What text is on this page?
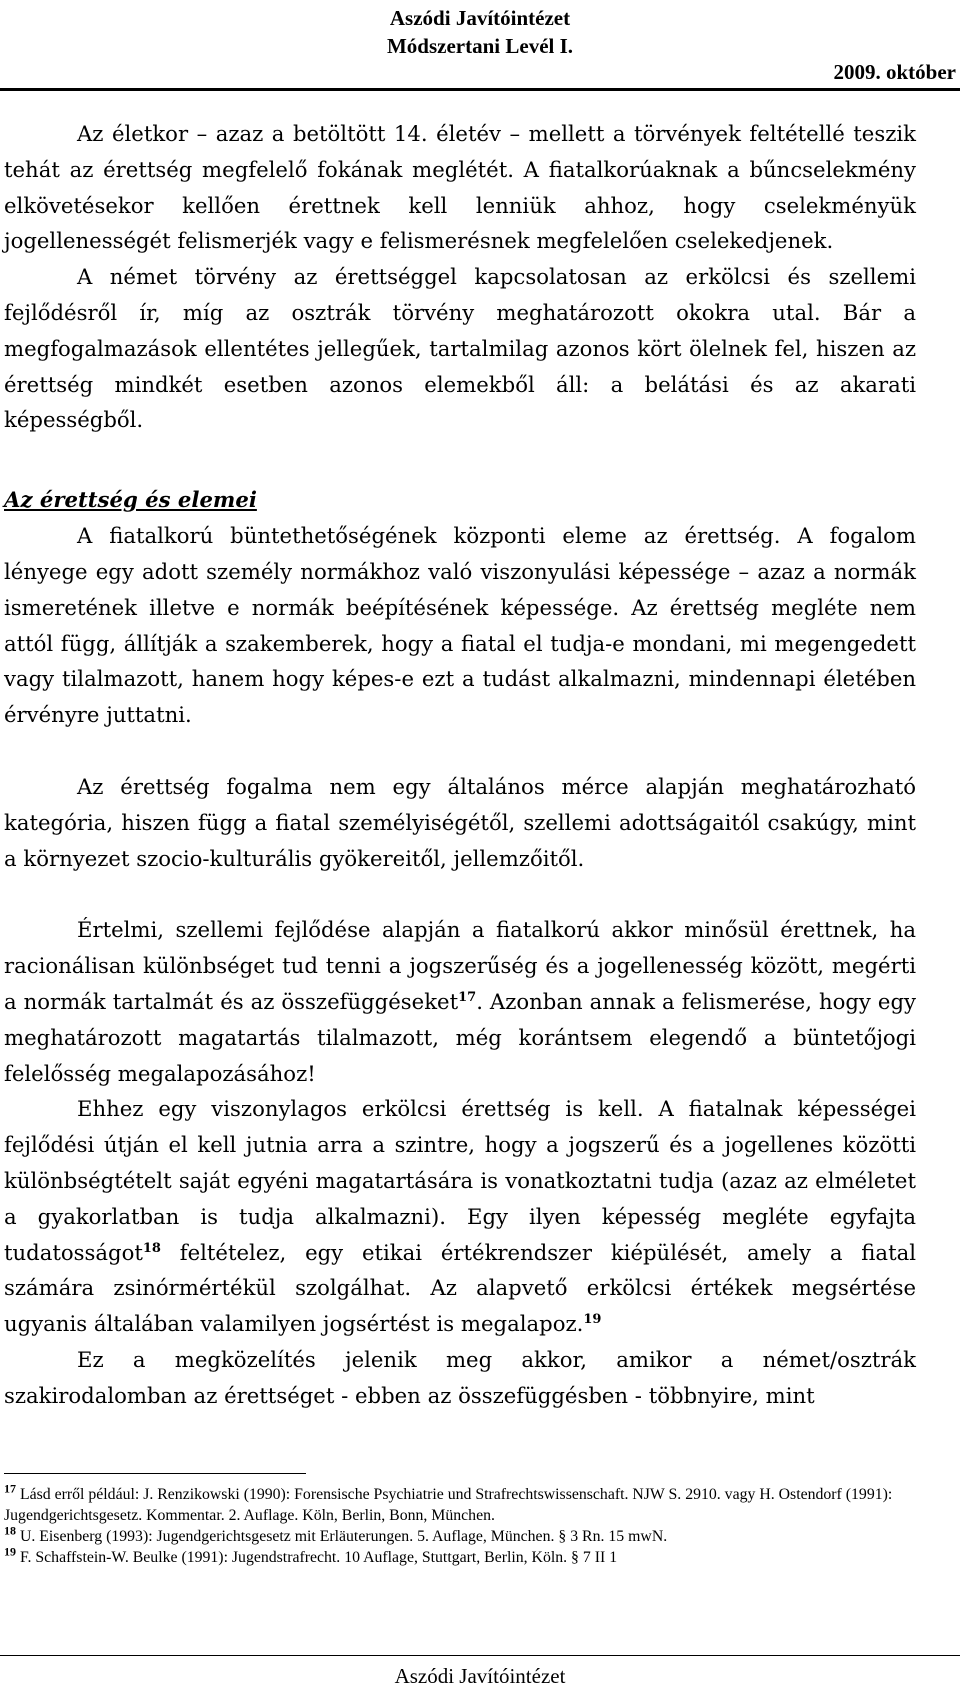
Aszódi Javítóintézet
Módszertani Levél I.
2009. október

Az életkor – azaz a betöltött 14. életév – mellett a törvények feltétellé teszik tehát az érettség megfelelő fokának meglétét. A fiatalkorúaknak a bűncselekmény elkövetésekor kellően érettnek kell lenniük ahhoz, hogy cselekményük jogellenességét felismerjék vagy e felismerésnek megfelelően cselekedjenek.

A német törvény az érettséggel kapcsolatosan az erkölcsi és szellemi fejlődésről ír, míg az osztrák törvény meghatározott okokra utal. Bár a megfogalmazások ellentétes jellegűek, tartalmilag azonos kört ölelnek fel, hiszen az érettség mindkét esetben azonos elemekből áll: a belátási és az akarati képességből.

Az érettség és elemei

A fiatalkorú büntethetőségének központi eleme az érettség. A fogalom lényege egy adott személy normákhoz való viszonyulási képessége – azaz a normák ismeretének illetve e normák beépítésének képessége. Az érettség megléte nem attól függ, állítják a szakemberek, hogy a fiatal el tudja-e mondani, mi megengedett vagy tilalmazott, hanem hogy képes-e ezt a tudást alkalmazni, mindennapi életében érvényre juttatni.

Az érettség fogalma nem egy általános mérce alapján meghatározható kategória, hiszen függ a fiatal személyiségétől, szellemi adottságaitól csakúgy, mint a környezet szocio-kulturális gyökereitől, jellemzőitől.

Értelmi, szellemi fejlődése alapján a fiatalkorú akkor minősül érettnek, ha racionálisan különbséget tud tenni a jogszerűség és a jogellenesség között, megérti a normák tartalmát és az összefüggéseket$^{17}$. Azonban annak a felismerése, hogy egy meghatározott magatartás tilalmazott, még korántsem elegendő a büntetőjogi felelősség megalapozásához!

Ehhez egy viszonylagos erkölcsi érettség is kell. A fiatalnak képességei fejlődési útján el kell jutnia arra a szintre, hogy a jogszerű és a jogellenes közötti különbségtételt saját egyéni magatartására is vonatkoztatni tudja (azaz az elméletet a gyakorlatban is tudja alkalmazni). Egy ilyen képesség megléte egyfajta tudatosságot$^{18}$ feltételez, egy etikai értékrendszer kiépülését, amely a fiatal számára zsinórmértékül szolgálhat. Az alapvető erkölcsi értékek megsértése ugyanis általában valamilyen jogsértést is megalapoz.$^{19}$

Ez a megközelítés jelenik meg akkor, amikor a német/osztrák szakirodalomban az érettséget - ebben az összefüggésben - többnyire, mint

$^{17}$ Lásd erről például: J. Renzikowski (1990): Forensische Psychiatrie und Strafrechtswissenschaft. NJW S. 2910. vagy H. Ostendorf (1991): Jugendgerichtsgesetz. Kommentar. 2. Auflage. Köln, Berlin, Bonn, München.

$^{18}$ U. Eisenberg (1993): Jugendgerichtsgesetz mit Erläuterungen. 5. Auflage, München. § 3 Rn. 15 mwN.

$^{19}$ F. Schaffstein-W. Beulke (1991): Jugendstrafrecht. 10 Auflage, Stuttgart, Berlin, Köln. § 7 II 1

Aszódi Javítóintézet
